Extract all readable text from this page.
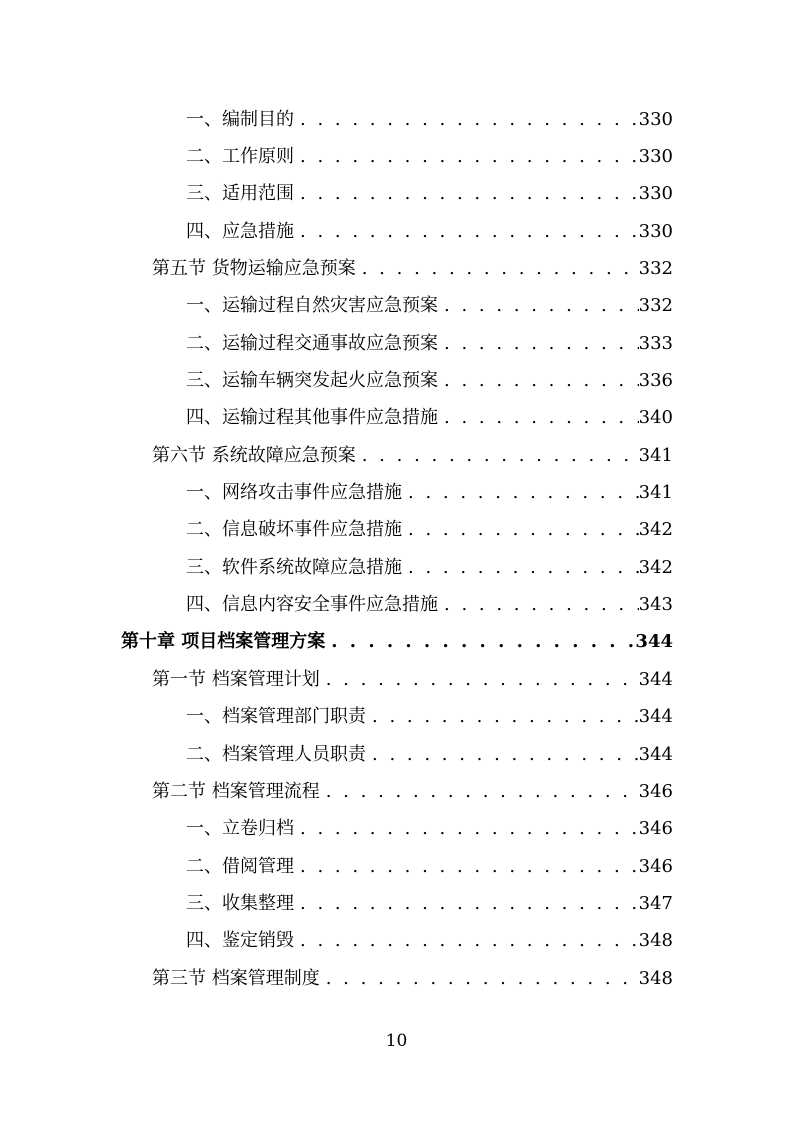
一、编制目的 . . .	330
二、工作原则 . . .	330
三、适用范围 . . .	330
四、应急措施 . . .	330
第五节 货物运输应急预案 . . .	332
一、运输过程自然灾害应急预案 . . .	332
二、运输过程交通事故应急预案 . . .	333
三、运输车辆突发起火应急预案 . . .	336
四、运输过程其他事件应急措施 . . .	340
第六节 系统故障应急预案 . . .	341
一、网络攻击事件应急措施 . . .	341
二、信息破坏事件应急措施 . . .	342
三、软件系统故障应急措施 . . .	342
四、信息内容安全事件应急措施 . . .	343
第十章 项目档案管理方案 . . .	344
第一节 档案管理计划 . . .	344
一、档案管理部门职责 . . .	344
二、档案管理人员职责 . . .	344
第二节 档案管理流程 . . .	346
一、立卷归档 . . .	346
二、借阅管理 . . .	346
三、收集整理 . . .	347
四、鉴定销毁 . . .	348
第三节 档案管理制度 . . .	348
10
